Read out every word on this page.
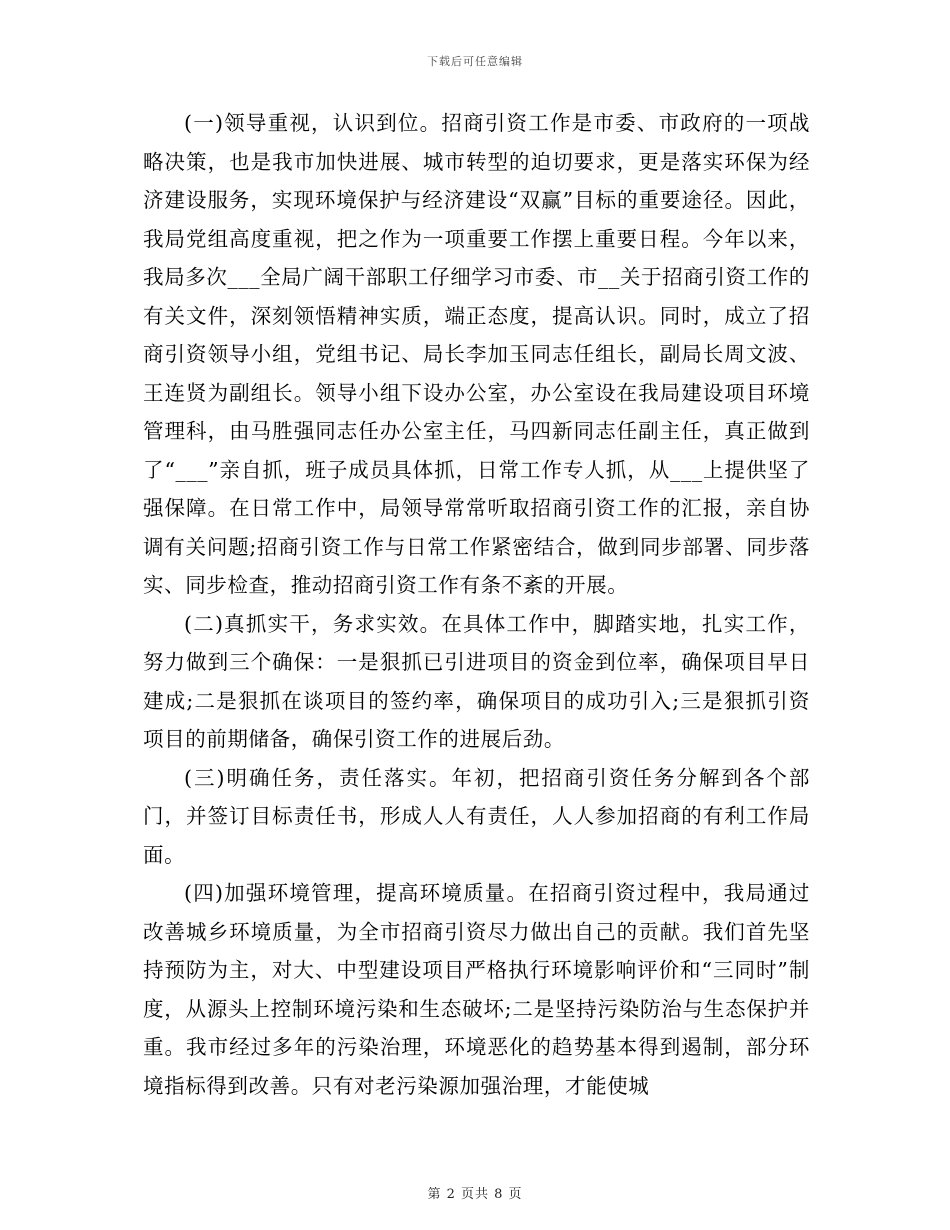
下载后可任意编辑

(一)领导重视，认识到位。招商引资工作是市委、市政府的一项战略决策，也是我市加快进展、城市转型的迫切要求，更是落实环保为经济建设服务，实现环境保护与经济建设“双赢”目标的重要途径。因此，我局党组高度重视，把之作为一项重要工作摆上重要日程。今年以来，我局多次___全局广阔干部职工仔细学习市委、市__关于招商引资工作的有关文件，深刻领悟精神实质，端正态度，提高认识。同时，成立了招商引资领导小组，党组书记、局长李加玉同志任组长，副局长周文波、王连贤为副组长。领导小组下设办公室，办公室设在我局建设项目环境管理科，由马胜强同志任办公室主任，马四新同志任副主任，真正做到了“___”亲自抓，班子成员具体抓，日常工作专人抓，从___上提供坚了强保障。在日常工作中，局领导常常听取招商引资工作的汇报，亲自协调有关问题;招商引资工作与日常工作紧密结合，做到同步部署、同步落实、同步检查，推动招商引资工作有条不紊的开展。

(二)真抓实干，务求实效。在具体工作中，脚踏实地，扎实工作，努力做到三个确保：一是狠抓已引进项目的资金到位率，确保项目早日建成;二是狠抓在谈项目的签约率，确保项目的成功引入;三是狠抓引资项目的前期储备，确保引资工作的进展后劲。

(三)明确任务，责任落实。年初，把招商引资任务分解到各个部门，并签订目标责任书，形成人人有责任，人人参加招商的有利工作局面。

(四)加强环境管理，提高环境质量。在招商引资过程中，我局通过改善城乡环境质量，为全市招商引资尽力做出自己的贡献。我们首先坚持预防为主，对大、中型建设项目严格执行环境影响评价和“三同时”制度，从源头上控制环境污染和生态破坏;二是坚持污染防治与生态保护并重。我市经过多年的污染治理，环境恶化的趋势基本得到遏制，部分环境指标得到改善。只有对老污染源加强治理，才能使城

第 2 页共 8 页
